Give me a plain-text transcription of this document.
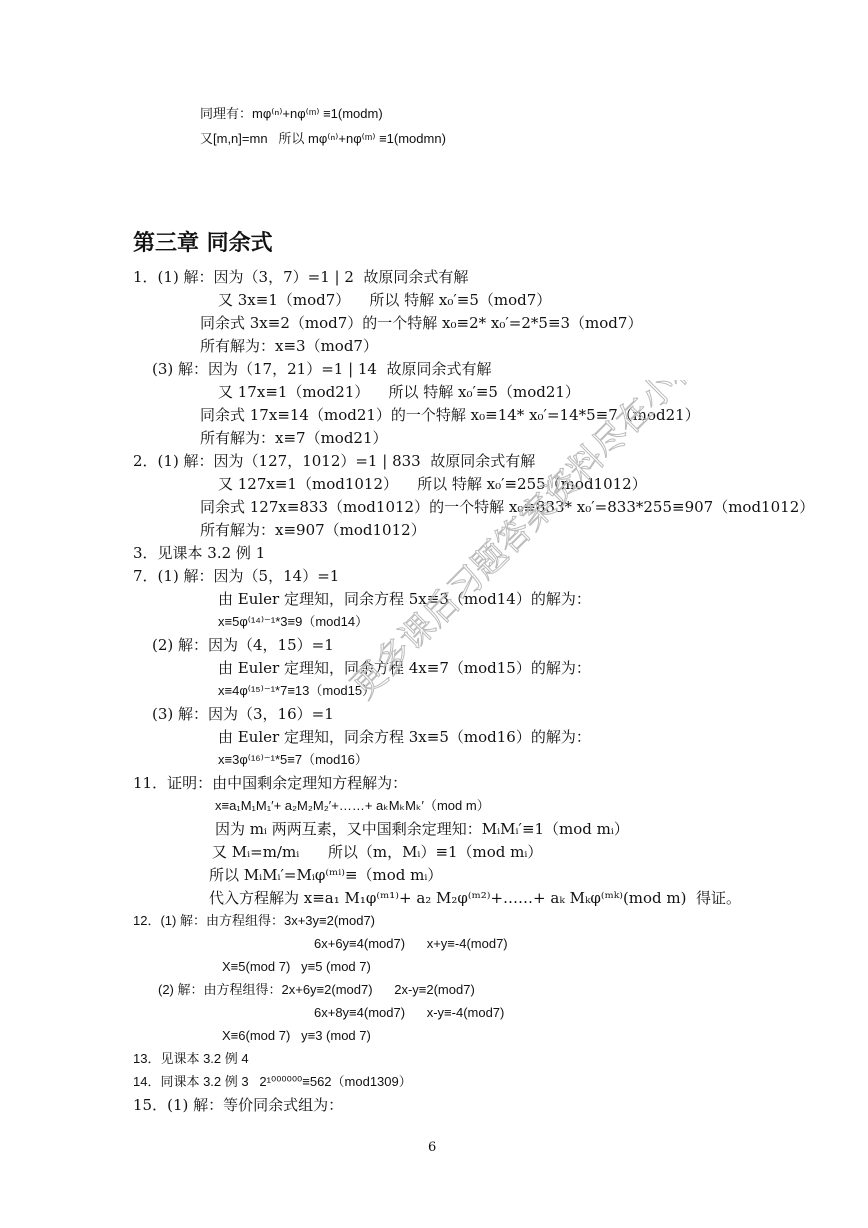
第三章 同余式
同理有：mφ⁽ⁿ⁾+nφ⁽ᵐ⁾ ≡1(modm)
又[m,n]=mn   所以 mφ⁽ⁿ⁾+nφ⁽ᵐ⁾ ≡1(modmn)
1．(1) 解：因为（3，7）=1 | 2  故原同余式有解
又 3x≡1（mod7）    所以 特解 x₀′≡5（mod7）
同余式 3x≡2（mod7）的一个特解 x₀≡2* x₀′=2*5≡3（mod7）
所有解为：x≡3（mod7）
(3) 解：因为（17，21）=1 | 14  故原同余式有解
又 17x≡1（mod21）    所以 特解 x₀′≡5（mod21）
同余式 17x≡14（mod21）的一个特解 x₀≡14* x₀′=14*5≡7（mod21）
所有解为：x≡7（mod21）
2．(1) 解：因为（127，1012）=1 | 833  故原同余式有解
又 127x≡1（mod1012）    所以 特解 x₀′≡255（mod1012）
同余式 127x≡833（mod1012）的一个特解 x₀≡833* x₀′=833*255≡907（mod1012）
所有解为：x≡907（mod1012）
3．见课本 3.2 例 1
7．(1) 解：因为（5，14）=1
由 Euler 定理知，同余方程 5x≡3（mod14）的解为：
x≡5φ⁽¹⁴⁾⁻¹*3≡9（mod14）
(2) 解：因为（4，15）=1
由 Euler 定理知，同余方程 4x≡7（mod15）的解为：
x≡4φ⁽¹⁵⁾⁻¹*7≡13（mod15）
(3) 解：因为（3，16）=1
由 Euler 定理知，同余方程 3x≡5（mod16）的解为：
x≡3φ⁽¹⁶⁾⁻¹*5≡7（mod16）
11．证明：由中国剩余定理知方程解为：
x≡a₁M₁M₁′+ a₂M₂M₂′+……+ aₖMₖMₖ′（mod m）
因为 mᵢ 两两互素，又中国剩余定理知：MᵢMᵢ′≡1（mod mᵢ）
又 Mᵢ=m/mᵢ      所以（m，Mᵢ）≡1（mod mᵢ）
所以 MᵢMᵢ′=Mᵢφ⁽ᵐⁱ⁾≡（mod mᵢ）
代入方程解为 x≡a₁ M₁φ⁽ᵐ¹⁾+ a₂ M₂φ⁽ᵐ²⁾+……+ aₖ Mₖφ⁽ᵐᵏ⁾(mod m)  得证。
12．(1) 解：由方程组得：3x+3y≡2(mod7)
6x+6y≡4(mod7)      x+y≡-4(mod7)
X≡5(mod 7)   y≡5 (mod 7)
(2) 解：由方程组得：2x+6y≡2(mod7)      2x-y≡2(mod7)
6x+8y≡4(mod7)      x-y≡-4(mod7)
X≡6(mod 7)   y≡3 (mod 7)
13．见课本 3.2 例 4
14．同课本 3.2 例 3   2¹⁰⁰⁰⁰⁰⁰≡562（mod1309）
15．(1) 解：等价同余式组为：
6
更多课后习题答案资料尽在小程序
